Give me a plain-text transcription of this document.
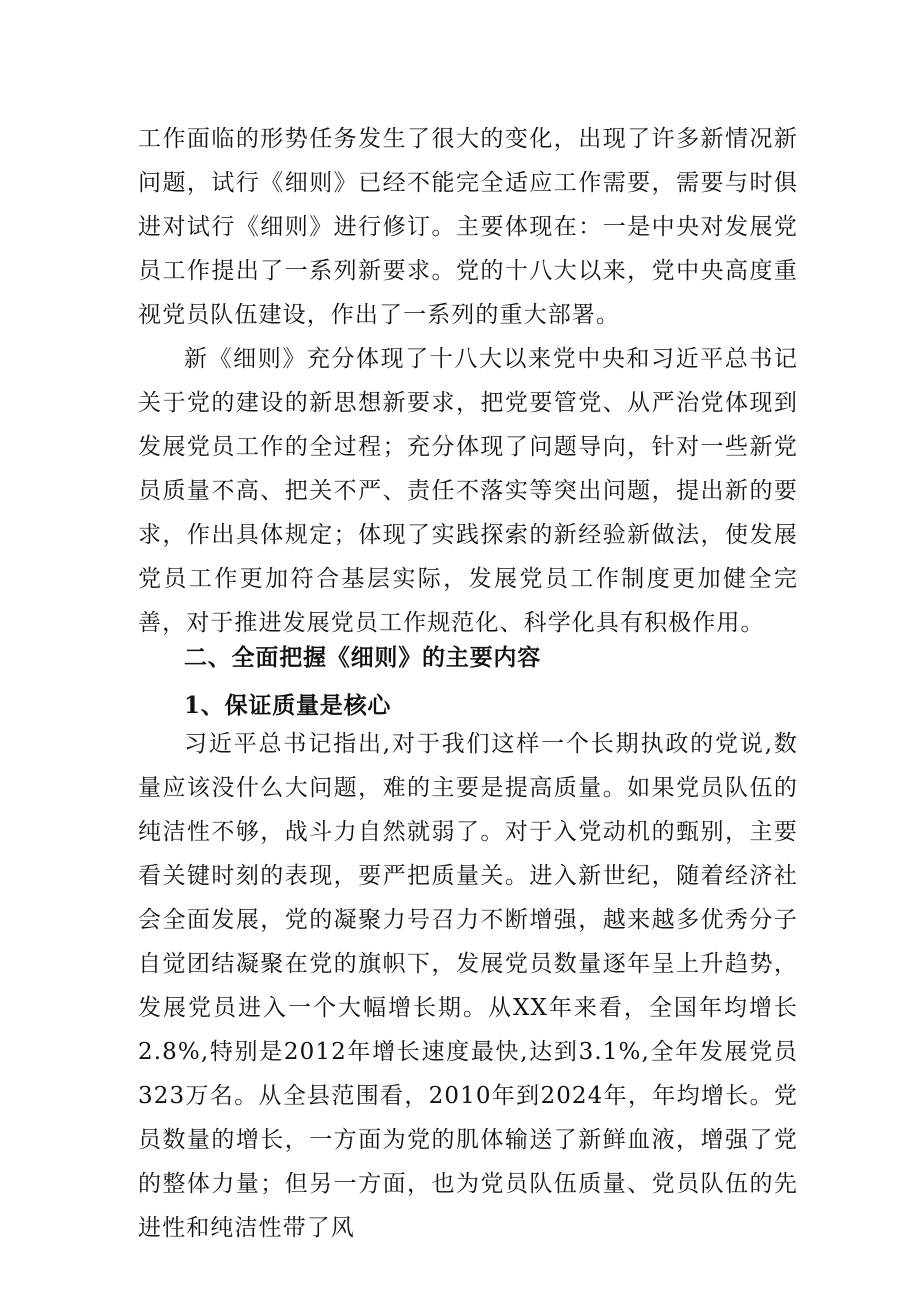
工作面临的形势任务发生了很大的变化，出现了许多新情况新问题，试行《细则》已经不能完全适应工作需要，需要与时俱进对试行《细则》进行修订。主要体现在：一是中央对发展党员工作提出了一系列新要求。党的十八大以来，党中央高度重视党员队伍建设，作出了一系列的重大部署。

新《细则》充分体现了十八大以来党中央和习近平总书记关于党的建设的新思想新要求，把党要管党、从严治党体现到发展党员工作的全过程；充分体现了问题导向，针对一些新党员质量不高、把关不严、责任不落实等突出问题，提出新的要求，作出具体规定；体现了实践探索的新经验新做法，使发展党员工作更加符合基层实际，发展党员工作制度更加健全完善，对于推进发展党员工作规范化、科学化具有积极作用。

二、全面把握《细则》的主要内容

1、保证质量是核心

习近平总书记指出,对于我们这样一个长期执政的党说,数量应该没什么大问题，难的主要是提高质量。如果党员队伍的纯洁性不够，战斗力自然就弱了。对于入党动机的甄别，主要看关键时刻的表现，要严把质量关。进入新世纪，随着经济社会全面发展，党的凝聚力号召力不断增强，越来越多优秀分子自觉团结凝聚在党的旗帜下，发展党员数量逐年呈上升趋势，发展党员进入一个大幅增长期。从XX年来看，全国年均增长2.8%,特别是2012年增长速度最快,达到3.1%,全年发展党员323万名。从全县范围看，2010年到2024年，年均增长。党员数量的增长，一方面为党的肌体输送了新鲜血液，增强了党的整体力量；但另一方面，也为党员队伍质量、党员队伍的先进性和纯洁性带了风
